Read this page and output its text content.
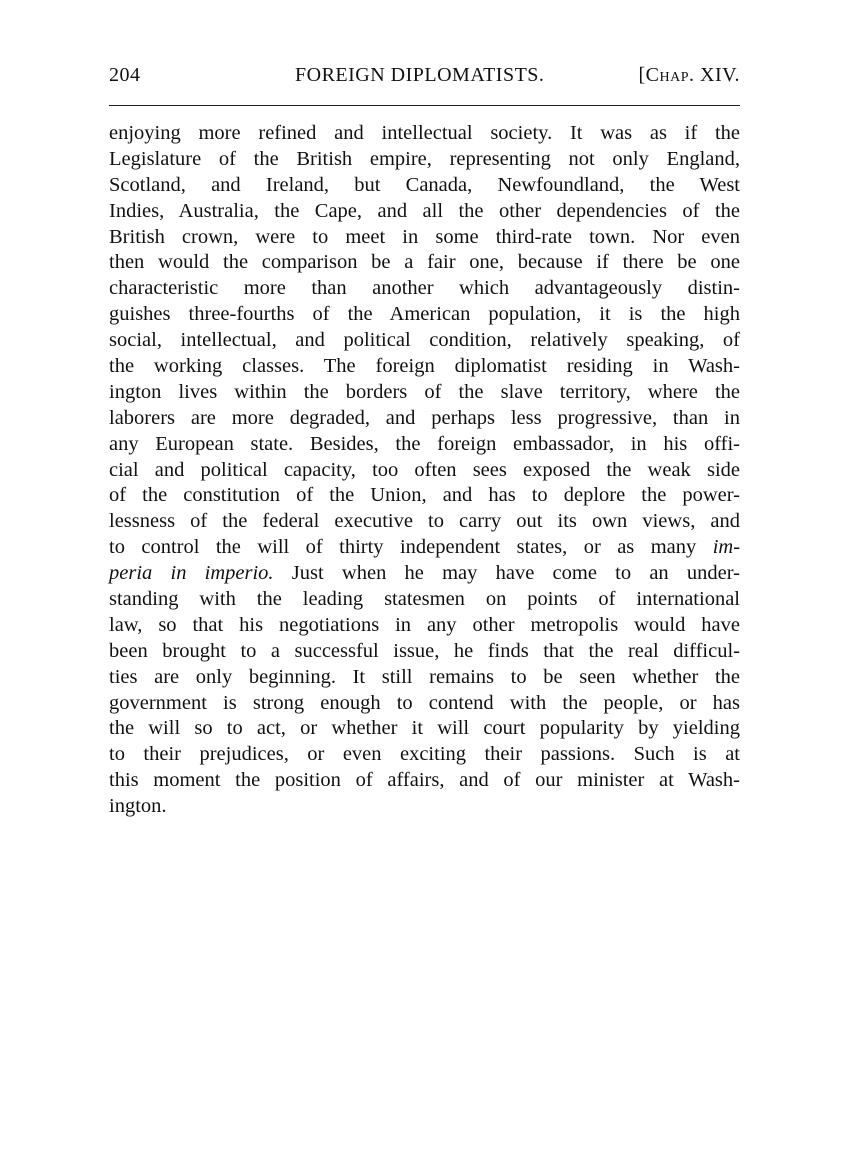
204	FOREIGN DIPLOMATISTS.	[Chap. XIV.
enjoying more refined and intellectual society. It was as if the
Legislature of the British empire, representing not only England,
Scotland, and Ireland, but Canada, Newfoundland, the West
Indies, Australia, the Cape, and all the other dependencies of the
British crown, were to meet in some third-rate town. Nor even
then would the comparison be a fair one, because if there be one
characteristic more than another which advantageously distin-
guishes three-fourths of the American population, it is the high
social, intellectual, and political condition, relatively speaking, of
the working classes. The foreign diplomatist residing in Wash-
ington lives within the borders of the slave territory, where the
laborers are more degraded, and perhaps less progressive, than in
any European state. Besides, the foreign embassador, in his offi-
cial and political capacity, too often sees exposed the weak side
of the constitution of the Union, and has to deplore the power-
lessness of the federal executive to carry out its own views, and
to control the will of thirty independent states, or as many im-
peria in imperio. Just when he may have come to an under-
standing with the leading statesmen on points of international
law, so that his negotiations in any other metropolis would have
been brought to a successful issue, he finds that the real difficul-
ties are only beginning. It still remains to be seen whether the
government is strong enough to contend with the people, or has
the will so to act, or whether it will court popularity by yielding
to their prejudices, or even exciting their passions. Such is at
this moment the position of affairs, and of our minister at Wash-
ington.
